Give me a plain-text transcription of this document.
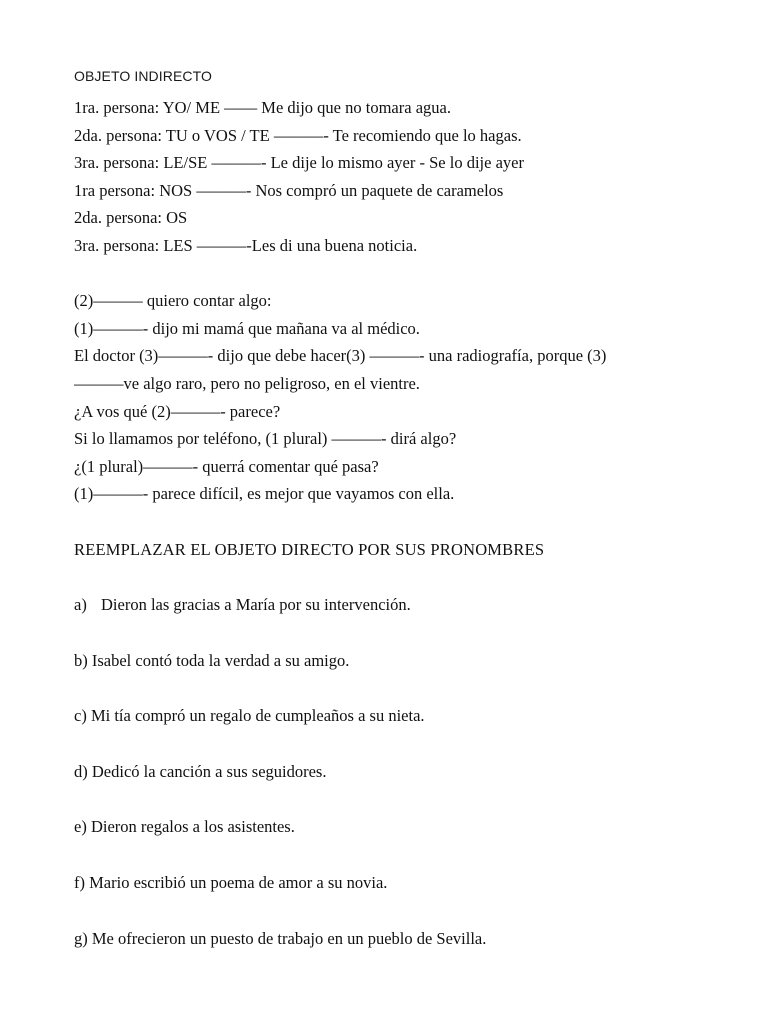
OBJETO INDIRECTO

1ra. persona: YO/ ME —— Me dijo que no tomara agua.

2da. persona: TU o VOS / TE ———- Te recomiendo que lo hagas.

3ra. persona: LE/SE ———- Le dije lo mismo ayer - Se lo dije ayer

1ra persona: NOS ———- Nos compró un paquete de caramelos

2da. persona: OS

3ra. persona: LES ———-Les di una buena noticia.

(2)——— quiero contar algo:

(1)———- dijo mi mamá que mañana va al médico.

El doctor (3)———- dijo que debe hacer(3) ———- una radiografía, porque (3)

———ve algo raro, pero no peligroso, en el vientre.

¿A vos qué (2)———- parece?

Si lo llamamos por teléfono, (1 plural) ———- dirá algo?

¿(1 plural)———- querrá comentar qué pasa?

(1)———- parece difícil, es mejor que vayamos con ella.

REEMPLAZAR EL OBJETO DIRECTO POR SUS PRONOMBRES

a) Dieron las gracias a María por su intervención.

b) Isabel contó toda la verdad a su amigo.

c) Mi tía compró un regalo de cumpleaños a su nieta.

d) Dedicó la canción a sus seguidores.

e) Dieron regalos a los asistentes.

f) Mario escribió un poema de amor a su novia.

g) Me ofrecieron un puesto de trabajo en un pueblo de Sevilla.
